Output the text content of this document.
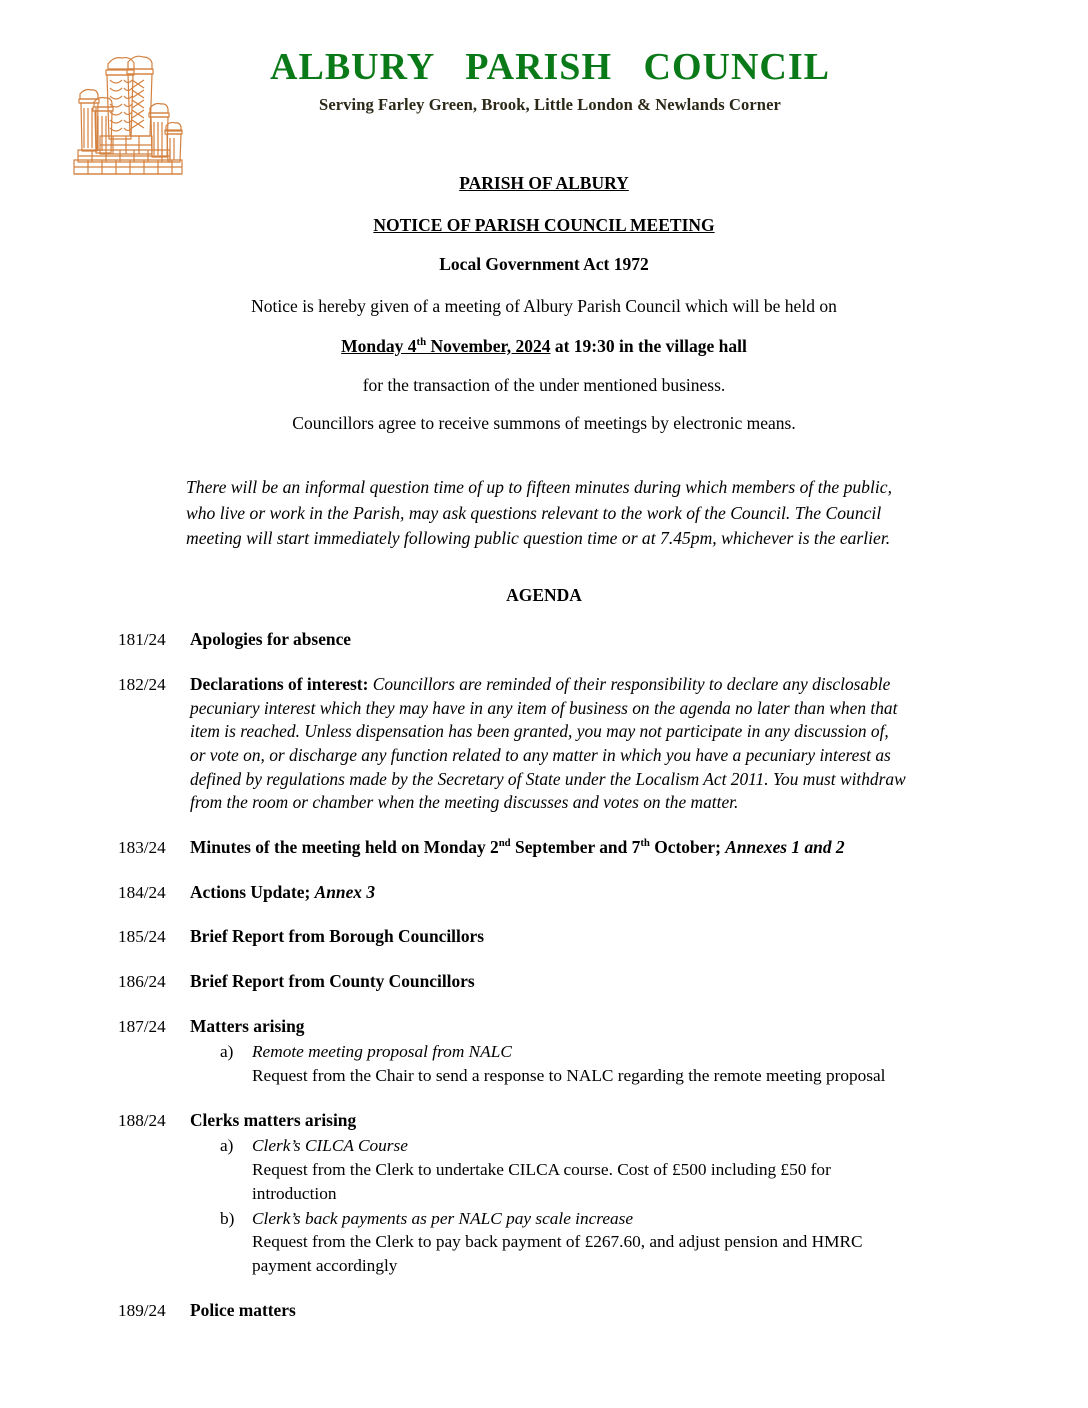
ALBURY   PARISH   COUNCIL
Serving Farley Green, Brook, Little London & Newlands Corner
PARISH OF ALBURY
NOTICE OF PARISH COUNCIL MEETING
Local Government Act 1972
Notice is hereby given of a meeting of Albury Parish Council which will be held on
Monday 4th November, 2024 at 19:30 in the village hall
for the transaction of the under mentioned business.
Councillors agree to receive summons of meetings by electronic means.
There will be an informal question time of up to fifteen minutes during which members of the public, who live or work in the Parish, may ask questions relevant to the work of the Council. The Council meeting will start immediately following public question time or at 7.45pm, whichever is the earlier.
AGENDA
181/24	Apologies for absence
182/24	Declarations of interest: Councillors are reminded of their responsibility to declare any disclosable pecuniary interest which they may have in any item of business on the agenda no later than when that item is reached. Unless dispensation has been granted, you may not participate in any discussion of, or vote on, or discharge any function related to any matter in which you have a pecuniary interest as defined by regulations made by the Secretary of State under the Localism Act 2011. You must withdraw from the room or chamber when the meeting discusses and votes on the matter.
183/24	Minutes of the meeting held on Monday 2nd September and 7th October; Annexes 1 and 2
184/24	Actions Update; Annex 3
185/24	Brief Report from Borough Councillors
186/24	Brief Report from County Councillors
187/24	Matters arising
a)	Remote meeting proposal from NALC
Request from the Chair to send a response to NALC regarding the remote meeting proposal
188/24	Clerks matters arising
a)	Clerk’s CILCA Course
Request from the Clerk to undertake CILCA course. Cost of £500 including £50 for introduction
b)	Clerk’s back payments as per NALC pay scale increase
Request from the Clerk to pay back payment of £267.60, and adjust pension and HMRC payment accordingly
189/24	Police matters
